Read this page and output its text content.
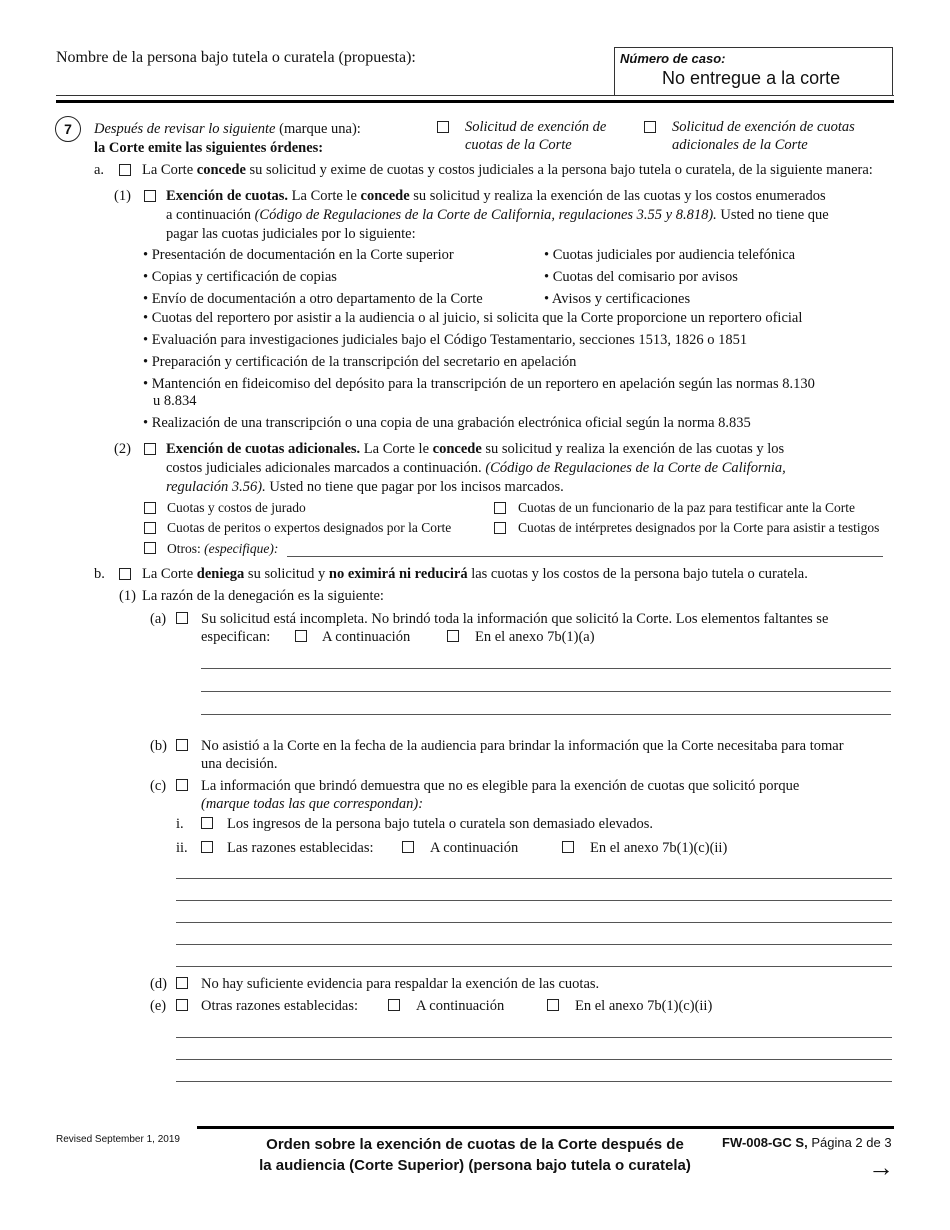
Nombre de la persona bajo tutela o curatela (propuesta):	Número de caso:
No entregue a la corte
7	Después de revisar lo siguiente (marque una):
la Corte emite las siguientes órdenes:
Solicitud de exención de
cuotas de la Corte
Solicitud de exención de cuotas
adicionales de la Corte
a.	La Corte concede su solicitud y exime de cuotas y costos judiciales a la persona bajo tutela o curatela, de la siguiente manera:
(1) Exención de cuotas. La Corte le concede su solicitud y realiza la exención de las cuotas y los costos enumerados
a continuación (Código de Regulaciones de la Corte de California, regulaciones 3.55 y 8.818). Usted no tiene que
pagar las cuotas judiciales por lo siguiente:
• Presentación de documentación en la Corte superior
• Copias y certificación de copias
• Envío de documentación a otro departamento de la Corte
• Cuotas judiciales por audiencia telefónica
• Cuotas del comisario por avisos
• Avisos y certificaciones
• Cuotas del reportero por asistir a la audiencia o al juicio, si solicita que la Corte proporcione un reportero oficial
• Evaluación para investigaciones judiciales bajo el Código Testamentario, secciones 1513, 1826 o 1851
• Preparación y certificación de la transcripción del secretario en apelación
• Mantención en fideicomiso del depósito para la transcripción de un reportero en apelación según las normas 8.130
u 8.834
• Realización de una transcripción o una copia de una grabación electrónica oficial según la norma 8.835
(2) Exención de cuotas adicionales. La Corte le concede su solicitud y realiza la exención de las cuotas y los
costos judiciales adicionales marcados a continuación. (Código de Regulaciones de la Corte de California,
regulación 3.56). Usted no tiene que pagar por los incisos marcados.
Cuotas y costos de jurado	Cuotas de un funcionario de la paz para testificar ante la Corte
Cuotas de peritos o expertos designados por la Corte	Cuotas de intérpretes designados por la Corte para asistir a testigos
Otros: (especifique):
b.	La Corte deniega su solicitud y no eximirá ni reducirá las cuotas y los costos de la persona bajo tutela o curatela.
(1) La razón de la denegación es la siguiente:
(a) Su solicitud está incompleta. No brindó toda la información que solicitó la Corte. Los elementos faltantes se
especifican:	A continuación	En el anexo 7b(1)(a)
(b) No asistió a la Corte en la fecha de la audiencia para brindar la información que la Corte necesitaba para tomar
una decisión.
(c) La información que brindó demuestra que no es elegible para la exención de cuotas que solicitó porque
(marque todas las que correspondan):
i.	Los ingresos de la persona bajo tutela o curatela son demasiado elevados.
ii.	Las razones establecidas:	A continuación	En el anexo 7b(1)(c)(ii)
(d) No hay suficiente evidencia para respaldar la exención de las cuotas.
(e) Otras razones establecidas:	A continuación	En el anexo 7b(1)(c)(ii)
Revised September 1, 2019	Orden sobre la exención de cuotas de la Corte después de
la audiencia (Corte Superior) (persona bajo tutela o curatela)
FW-008-GC S, Página 2 de 3
→
